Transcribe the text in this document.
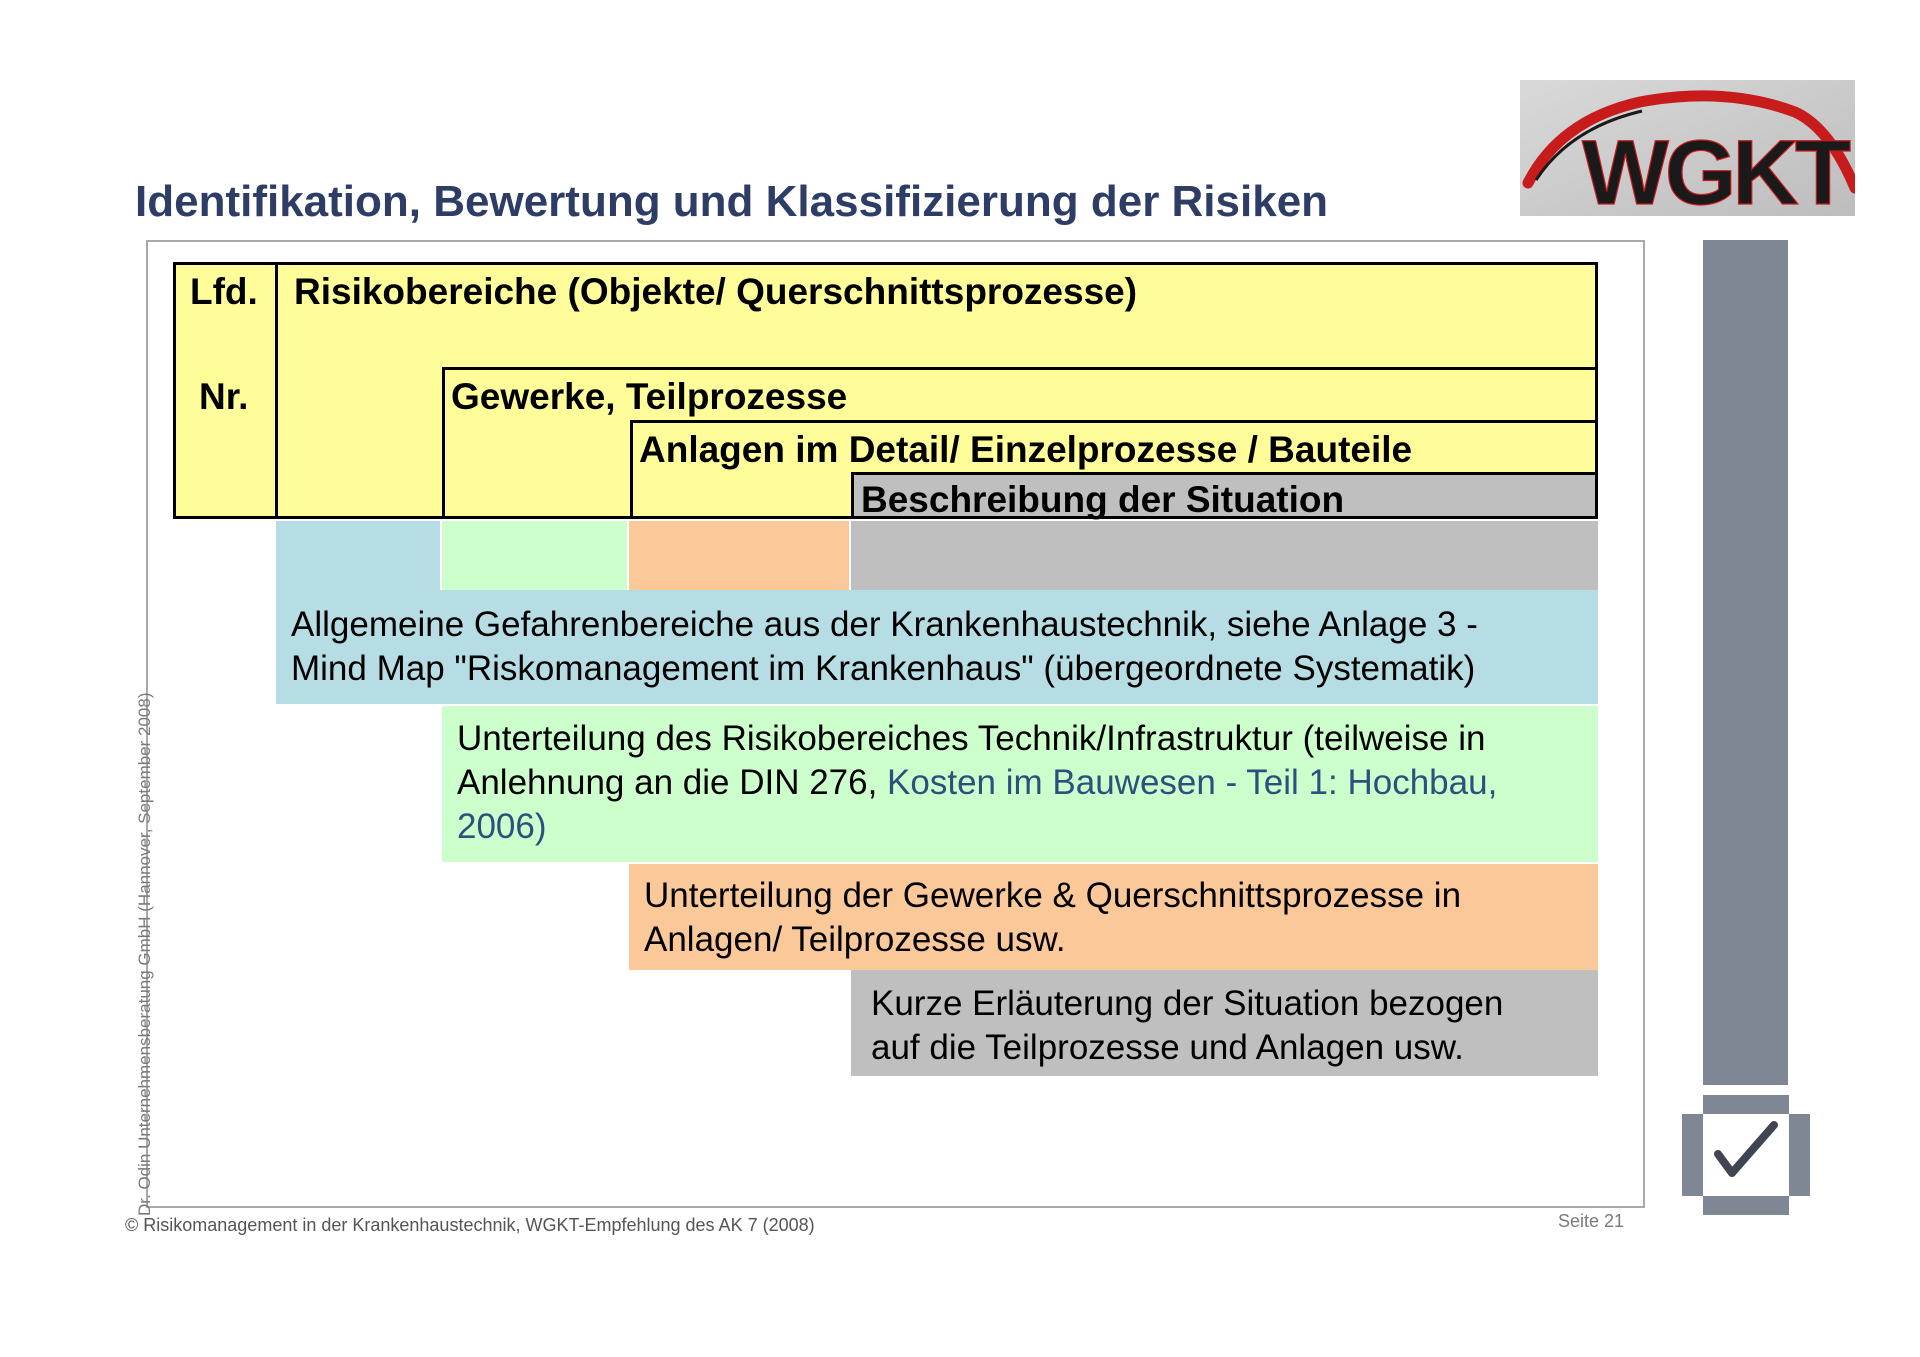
Identifikation, Bewertung und Klassifizierung der Risiken
Lfd.
Nr.
Risikobereiche (Objekte/ Querschnittsprozesse)
Gewerke, Teilprozesse
Anlagen im Detail/ Einzelprozesse / Bauteile
Beschreibung der Situation
Allgemeine Gefahrenbereiche aus der Krankenhaustechnik, siehe Anlage 3 - Mind Map "Riskomanagement im Krankenhaus" (übergeordnete Systematik)
Unterteilung des Risikobereiches Technik/Infrastruktur (teilweise in Anlehnung an die DIN 276, Kosten im Bauwesen - Teil 1: Hochbau, 2006)
Unterteilung der Gewerke & Querschnittsprozesse in Anlagen/ Teilprozesse usw.
Kurze Erläuterung der Situation bezogen auf die Teilprozesse und Anlagen usw.
Dr. Odin Unternehmensberatung GmbH (Hannover, September 2008)
© Risikomanagement in der Krankenhaustechnik, WGKT-Empfehlung des AK 7 (2008)	Seite 21
WGKT
